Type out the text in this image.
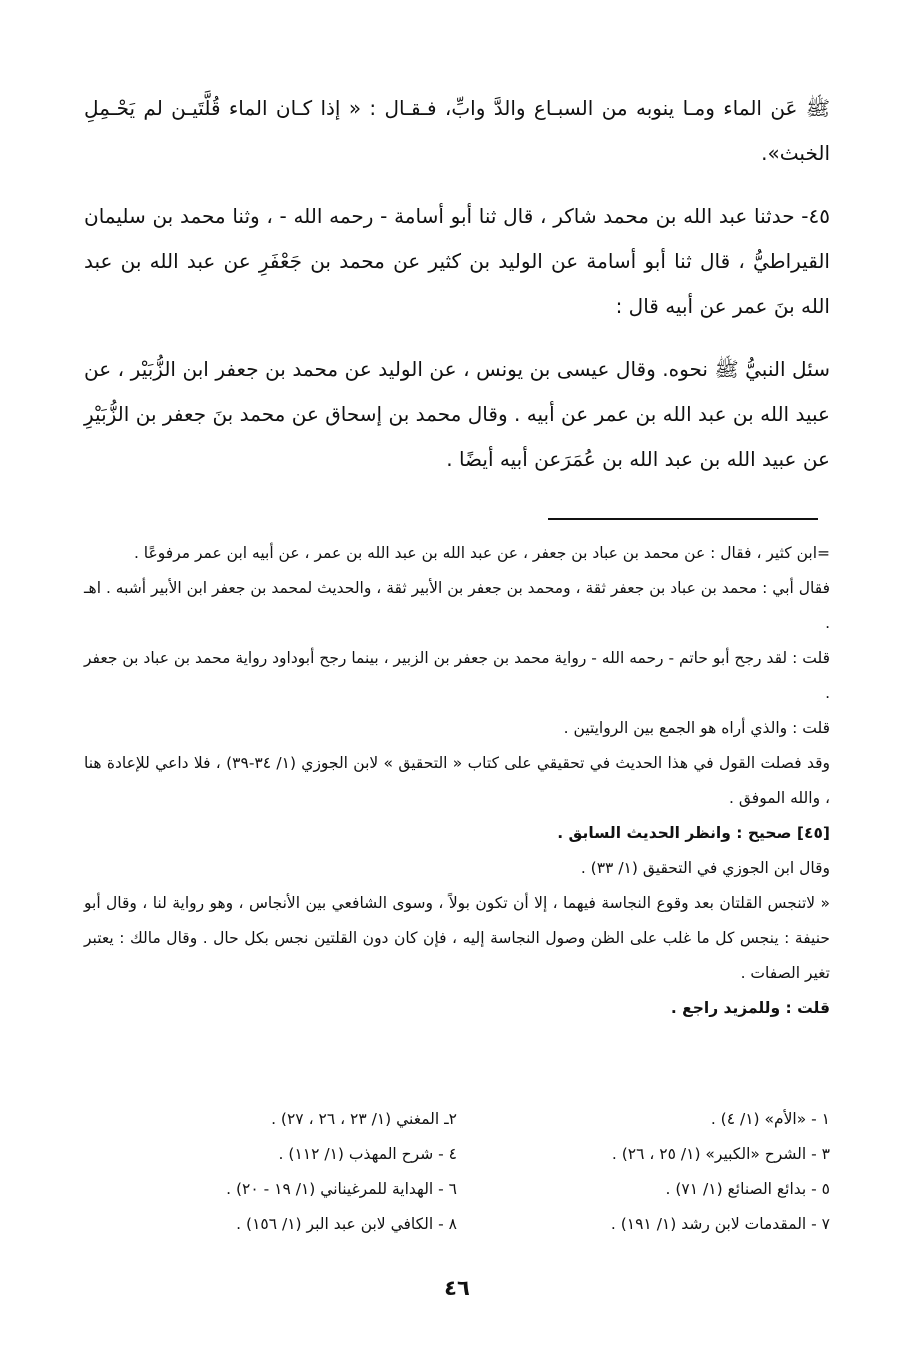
ﷺ عَن الماء ومـا ينوبه من السبـاع والدَّ وابِّ، فـقـال : « إذا كـان الماء قُلَّتَيـن لم يَحْـمِلِ الخبث».

٤٥- حدثنا عبد الله بن محمد شاكر ، قال ثنا أبو أسامة - رحمه الله - ، وثنا محمد بن سليمان القيراطيُّ ، قال ثنا أبو أسامة عن الوليد بن كثير عن محمد بن جَعْفَرِ عن عبد الله بن عبد الله بنَ عمر عن أبيه قال :

سئل النبيُّ ﷺ نحوه. وقال عيسى بن يونس ، عن الوليد عن محمد بن جعفر ابن الزُّبَيْر ، عن عبيد الله بن عبد الله بن عمر عن أبيه . وقال محمد بن إسحاق عن محمد بنَ جعفر بن الزُّبَيْرِ عن عبيد الله بن عبد الله بن عُمَرَعن أبيه أيضًا .

=ابن كثير ، فقال : عن محمد بن عباد بن جعفر ، عن عبد الله بن عبد الله بن عمر ، عن أبيه ابن عمر مرفوعًا .

فقال أبي : محمد بن عباد بن جعفر ثقة ، ومحمد بن جعفر بن الأبير ثقة ، والحديث لمحمد بن جعفر ابن الأبير أشبه . اهـ .

قلت : لقد رجح أبو حاتم - رحمه الله - رواية محمد بن جعفر بن الزبير ، بينما رجح أبوداود رواية محمد بن عباد بن جعفر .

قلت : والذي أراه هو الجمع بين الروايتين .

وقد فصلت القول في هذا الحديث في تحقيقي على كتاب « التحقيق » لابن الجوزي (١/ ٣٤-٣٩) ، فلا داعي للإعادة هنا ، والله الموفق .

[٤٥] صحيح : وانظر الحديث السابق .

وقال ابن الجوزي في التحقيق (١/ ٣٣) .

« لاتنجس القلتان بعد وقوع النجاسة فيهما ، إلا أن تكون بولاً ، وسوى الشافعي بين الأنجاس ، وهو رواية لنا ، وقال أبو حنيفة : ينجس كل ما غلب على الظن وصول النجاسة إليه ، فإن كان دون القلتين نجس بكل حال . وقال مالك : يعتبر تغير الصفات .

قلت : وللمزيد راجع .

١ - «الأم» (١/ ٤) .
٢ـ المغني (١/ ٢٣ ، ٢٦ ، ٢٧) .
٣ - الشرح «الكبير» (١/ ٢٥ ، ٢٦) .
٤ - شرح المهذب (١/ ١١٢) .
٥ - بدائع الصنائع (١/ ٧١) .
٦ - الهداية للمرغيناني (١/ ١٩ - ٢٠) .
٧ - المقدمات لابن رشد (١/ ١٩١) .
٨ - الكافي لابن عبد البر (١/ ١٥٦) .
٤٦
